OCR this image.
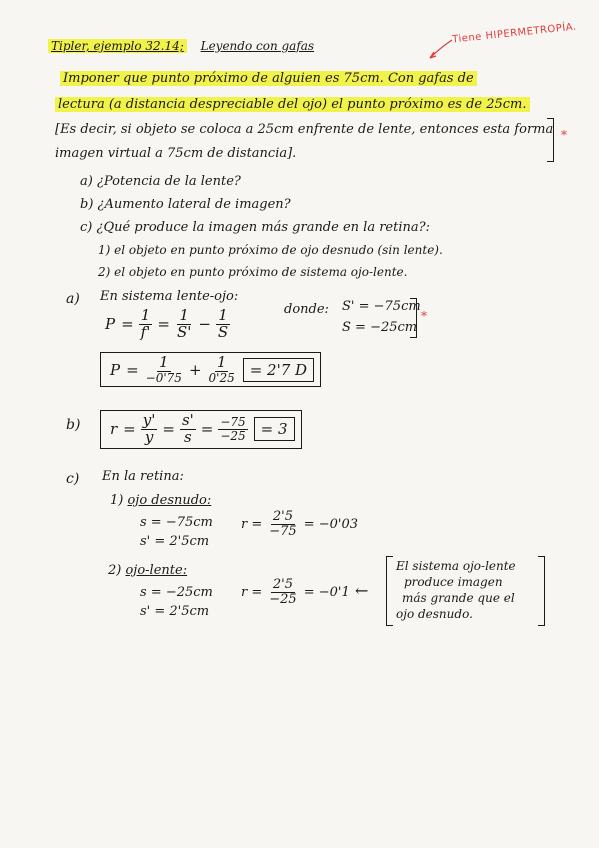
Tipler, ejemplo 32.14; Leyendo con gafas
Tiene HIPERMETROPÍA.
Imponer que punto próximo de alguien es 75cm. Con gafas de
lectura (a distancia despreciable del ojo) el punto próximo es de 25cm.
[Es decir, si objeto se coloca a 25cm enfrente de lente, entonces esta forma
imagen virtual a 75cm de distancia].
*
a) ¿Potencia de la lente?
b) ¿Aumento lateral de imagen?
c) ¿Qué produce la imagen más grande en la retina?:
1) el objeto en punto próximo de ojo desnudo (sin lente).
2) el objeto en punto próximo de sistema ojo-lente.
a) En sistema lente-ojo:
$P = \frac{1}{f'} = \frac{1}{S'} - \frac{1}{S}$	donde: S' = −75cm
S = −25cm
*
$P = \frac{1}{-0'75} + \frac{1}{0'25} = 2'7$ D
b) $r = \frac{y'}{y} = \frac{s'}{s} = \frac{-75}{-25} = 3$
c) En la retina:
1) ojo desnudo:
s = −75cm
s' = 2'5cm
$r = \frac{2'5}{-75} = -0'03$
2) ojo-lente:
s = −25cm
s' = 2'5cm
$r = \frac{2'5}{-25} = -0'1$ ←
El sistema ojo-lente
produce imagen
más grande que el
ojo desnudo.
